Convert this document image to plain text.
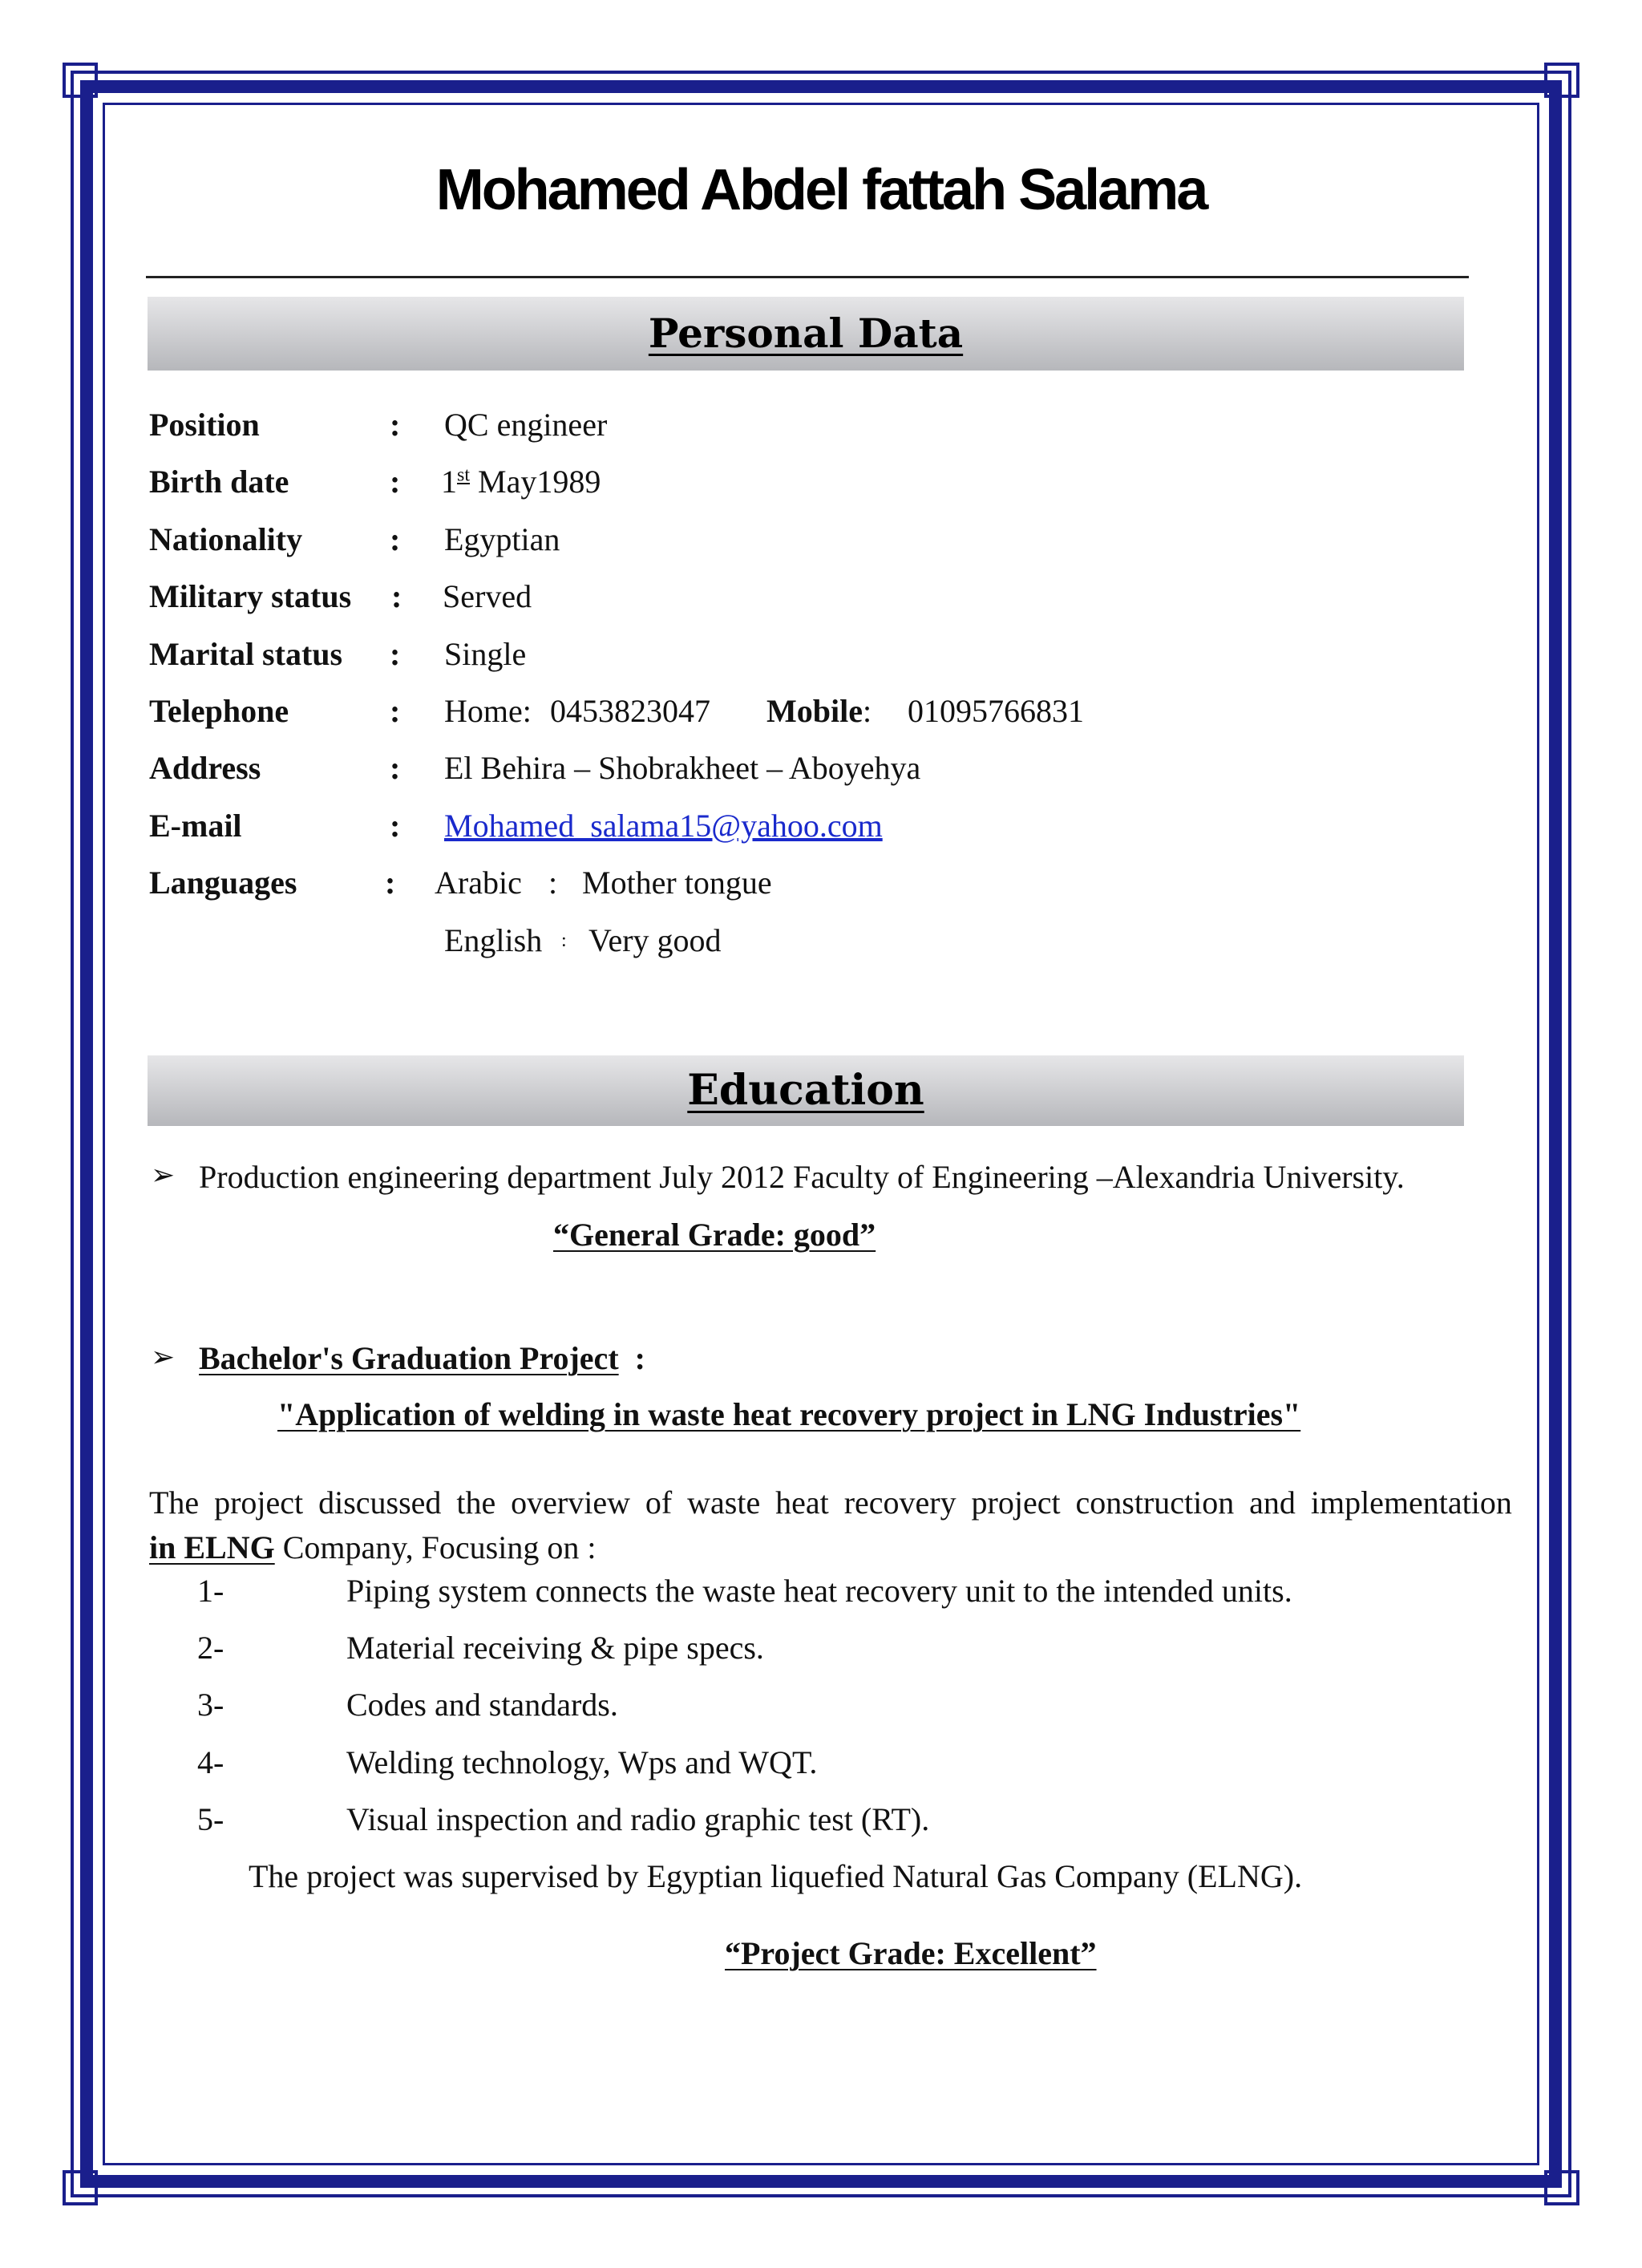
Mohamed Abdel fattah Salama
Personal Data
Position	: QC engineer
Birth date	: 1st May1989
Nationality	: Egyptian
Military status : Served
Marital status : Single
Telephone	: Home: 0453823047 Mobile: 01095766831
Address	: El Behira – Shobrakheet – Aboyehya
E-mail	: Mohamed_salama15@yahoo.com
Languages	: Arabic : Mother tongue
English : Very good
Education
➢ Production engineering department July 2012 Faculty of Engineering –Alexandria University.
“General Grade: good”
➢ Bachelor's Graduation Project  :
"Application of welding in waste heat recovery project in LNG Industries"
The project discussed the overview of waste heat recovery project construction and implementation
in ELNG Company, Focusing on :
1-	Piping system connects the waste heat recovery unit to the intended units.
2-	Material receiving & pipe specs.
3-	Codes and standards.
4-	Welding technology, Wps and WQT.
5-	Visual inspection and radio graphic test (RT).
The project was supervised by Egyptian liquefied Natural Gas Company (ELNG).
“Project Grade: Excellent”
